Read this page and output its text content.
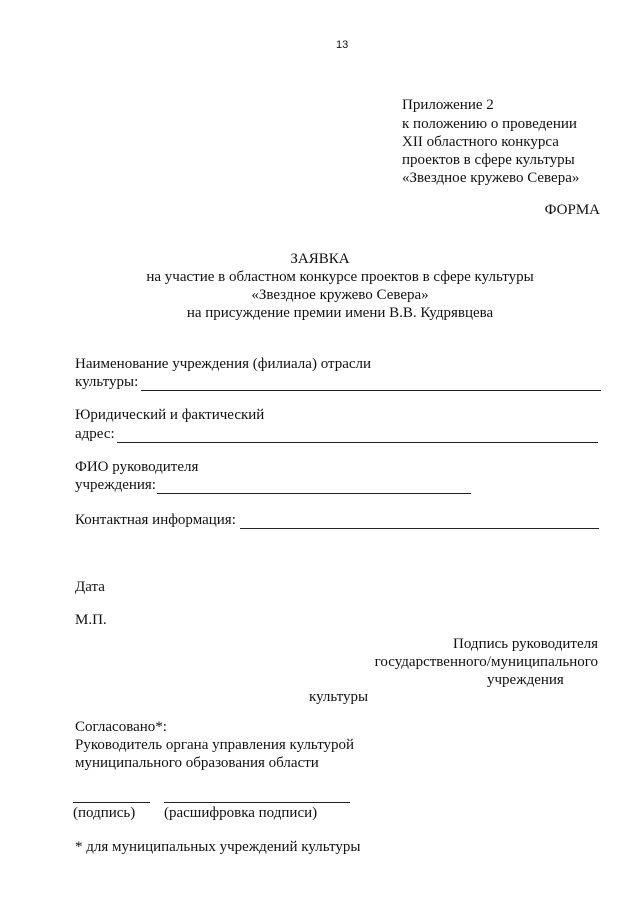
13
Приложение 2
к положению о проведении
XII областного конкурса
проектов в сфере культуры
«Звездное кружево Севера»
ФОРМА
ЗАЯВКА
на участие в областном конкурсе проектов в сфере культуры
«Звездное кружево Севера»
на присуждение премии имени В.В. Кудрявцева
Наименование учреждения (филиала) отрасли
культуры:
Юридический и фактический
адрес:
ФИО руководителя
учреждения:
Контактная информация:
Дата
М.П.
Подпись руководителя
государственного/муниципального
учреждения
культуры
Согласовано*:
Руководитель органа управления культурой
муниципального образования области
(подпись) (расшифровка подписи)
* для муниципальных учреждений культуры
